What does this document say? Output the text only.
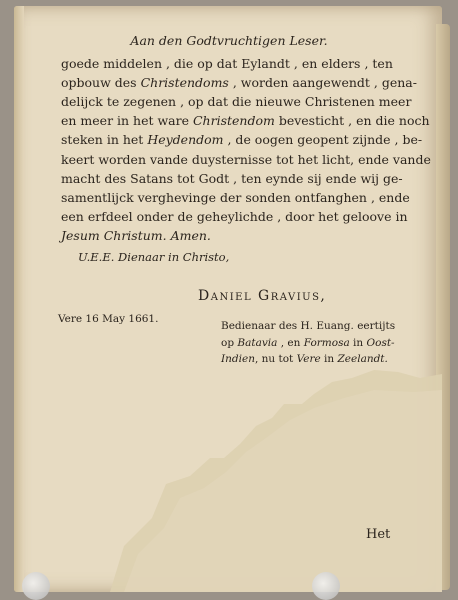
Aan den Godtvruchtigen Leser.
goede middelen , die op dat Eylandt , en elders , ten
opbouw des Christendoms , worden aangewendt , gena-
delijck te zegenen , op dat die nieuwe Christenen meer
en meer in het ware Christendom bevesticht , en die noch
steken in het Heydendom , de oogen geopent zijnde , be-
keert worden vande duysternisse tot het licht, ende vande
macht des Satans tot Godt , ten eynde sij ende wij ge-
samentlijck verghevinge der sonden ontfanghen , ende
een erfdeel onder de geheylichde , door het geloove in
Jesum Christum. Amen.
U.E.E. Dienaar in Christo,
Daniel Gravius,
Vere 16 May 1661.
Bedienaar des H. Euang. eertijts
op Batavia , en Formosa in Oost-
Indien, nu tot Vere in Zeelandt.
Het
